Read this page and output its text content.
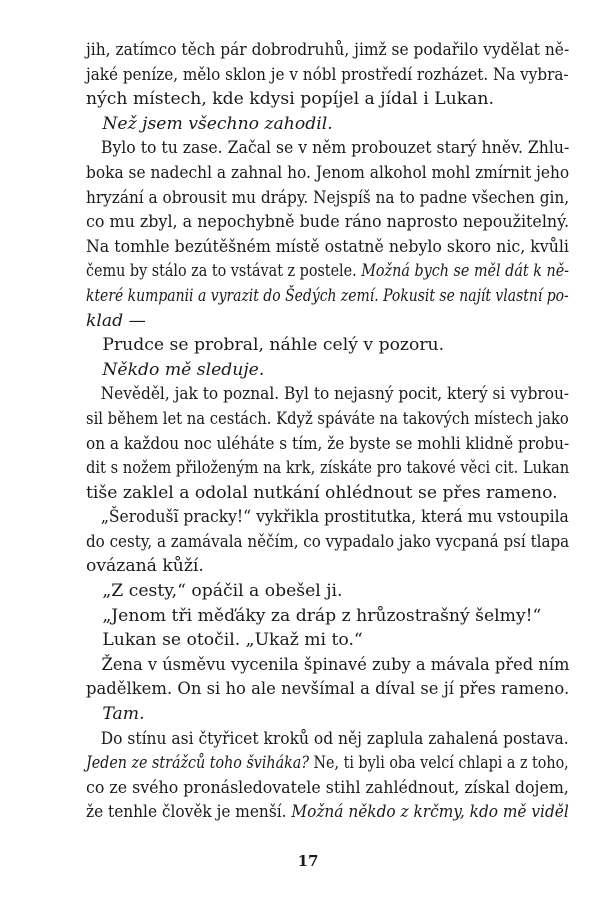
jih, zatímco těch pár dobrodruhů, jimž se podařilo vydělat ně-
jaké peníze, mělo sklon je v nóbl prostředí rozházet. Na vybra-
ných místech, kde kdysi popíjel a jídal i Lukan.
Než jsem všechno zahodil.
Bylo to tu zase. Začal se v něm probouzet starý hněv. Zhlu-
boka se nadechl a zahnal ho. Jenom alkohol mohl zmírnit jeho
hryzání a obrousit mu drápy. Nejspíš na to padne všechen gin,
co mu zbyl, a nepochybně bude ráno naprosto nepoužitelný.
Na tomhle bezútěšném místě ostatně nebylo skoro nic, kvůli
čemu by stálo za to vstávat z postele. Možná bych se měl dát k ně-
které kumpanii a vyrazit do Šedých zemí. Pokusit se najít vlastní po-
klad —
Prudce se probral, náhle celý v pozoru.
Někdo mě sleduje.
Nevěděl, jak to poznal. Byl to nejasný pocit, který si vybrou-
sil během let na cestách. Když spáváte na takových místech jako
on a každou noc uléháte s tím, že byste se mohli klidně probu-
dit s nožem přiloženým na krk, získáte pro takové věci cit. Lukan
tiše zaklel a odolal nutkání ohlédnout se přes rameno.
„Šerodušĩ pracky!“ vykřikla prostitutka, která mu vstoupila
do cesty, a zamávala něčím, co vypadalo jako vycpaná psí tlapa
ovázaná kůží.
„Z cesty,“ opáčil a obešel ji.
„Jenom tři měďáky za dráp z hrůzostrašný šelmy!“
Lukan se otočil. „Ukaž mi to.“
Žena v úsměvu vycenila špinavé zuby a mávala před ním
padělkem. On si ho ale nevšímal a díval se jí přes rameno.
Tam.
Do stínu asi čtyřicet kroků od něj zaplula zahalená postava.
Jeden ze strážců toho šviháka? Ne, ti byli oba velcí chlapi a z toho,
co ze svého pronásledovatele stihl zahlédnout, získal dojem,
že tenhle člověk je menší. Možná někdo z krčmy, kdo mě viděl
17
